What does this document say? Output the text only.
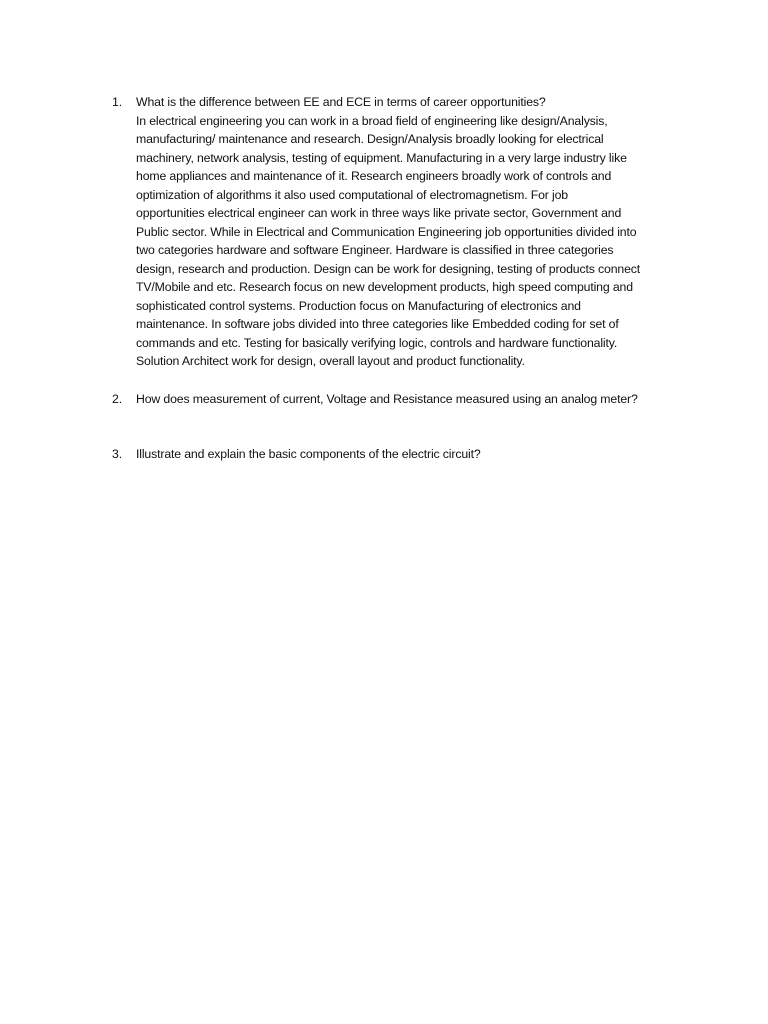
1. What is the difference between EE and ECE in terms of career opportunities?

In electrical engineering you can work in a broad field of engineering like design/Analysis,

manufacturing/ maintenance and research. Design/Analysis broadly looking for electrical

machinery, network analysis, testing of equipment. Manufacturing in a very large industry like

home appliances and maintenance of it. Research engineers broadly work of controls and

optimization of algorithms it also used computational of electromagnetism. For job

opportunities electrical engineer can work in three ways like private sector, Government and

Public sector. While in Electrical and Communication Engineering job opportunities divided into

two categories hardware and software Engineer. Hardware is classified in three categories

design, research and production. Design can be work for designing, testing of products connect

TV/Mobile and etc. Research focus on new development products, high speed computing and

sophisticated control systems. Production focus on Manufacturing of electronics and

maintenance. In software jobs divided into three categories like Embedded coding for set of

commands and etc. Testing for basically verifying logic, controls and hardware functionality.

Solution Architect work for design, overall layout and product functionality.

2. How does measurement of current, Voltage and Resistance measured using an analog meter?
3. Illustrate and explain the basic components of the electric circuit?
